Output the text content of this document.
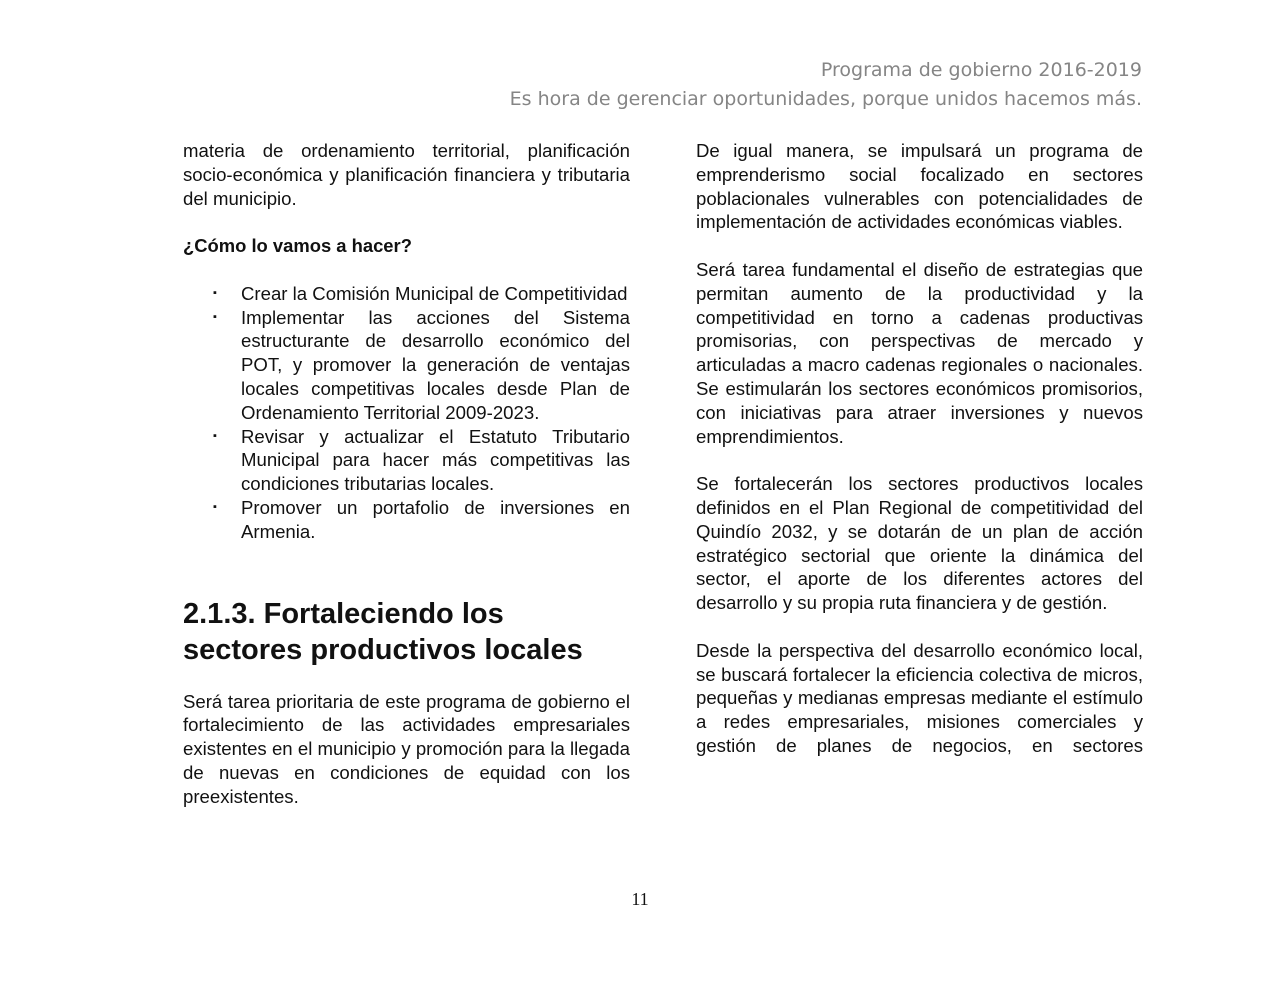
Programa de gobierno 2016-2019
Es hora de gerenciar oportunidades, porque unidos hacemos más.

materia de ordenamiento territorial, planificación socio-económica y planificación financiera y tributaria del municipio.

¿Cómo lo vamos a hacer?

▪ Crear la Comisión Municipal de Competitividad
▪ Implementar las acciones del Sistema estructurante de desarrollo económico del POT, y promover la generación de ventajas locales competitivas locales desde Plan de Ordenamiento Territorial 2009-2023.
▪ Revisar y actualizar el Estatuto Tributario Municipal para hacer más competitivas las condiciones tributarias locales.
▪ Promover un portafolio de inversiones en Armenia.
2.1.3. Fortaleciendo los
sectores productivos locales

Será tarea prioritaria de este programa de gobierno el fortalecimiento de las actividades empresariales existentes en el municipio y promoción para la llegada de nuevas en condiciones de equidad con los preexistentes.

De igual manera, se impulsará un programa de emprenderismo social focalizado en sectores poblacionales vulnerables con potencialidades de implementación de actividades económicas viables.

Será tarea fundamental el diseño de estrategias que permitan aumento de la productividad y la competitividad en torno a cadenas productivas promisorias, con perspectivas de mercado y articuladas a macro cadenas regionales o nacionales. Se estimularán los sectores económicos promisorios, con iniciativas para atraer inversiones y nuevos emprendimientos.

Se fortalecerán los sectores productivos locales definidos en el Plan Regional de competitividad del Quindío 2032, y se dotarán de un plan de acción estratégico sectorial que oriente la dinámica del sector, el aporte de los diferentes actores del desarrollo y su propia ruta financiera y de gestión.

Desde la perspectiva del desarrollo económico local, se buscará fortalecer la eficiencia colectiva de micros, pequeñas y medianas empresas mediante el estímulo a redes empresariales, misiones comerciales y gestión de planes de negocios, en sectores

11
